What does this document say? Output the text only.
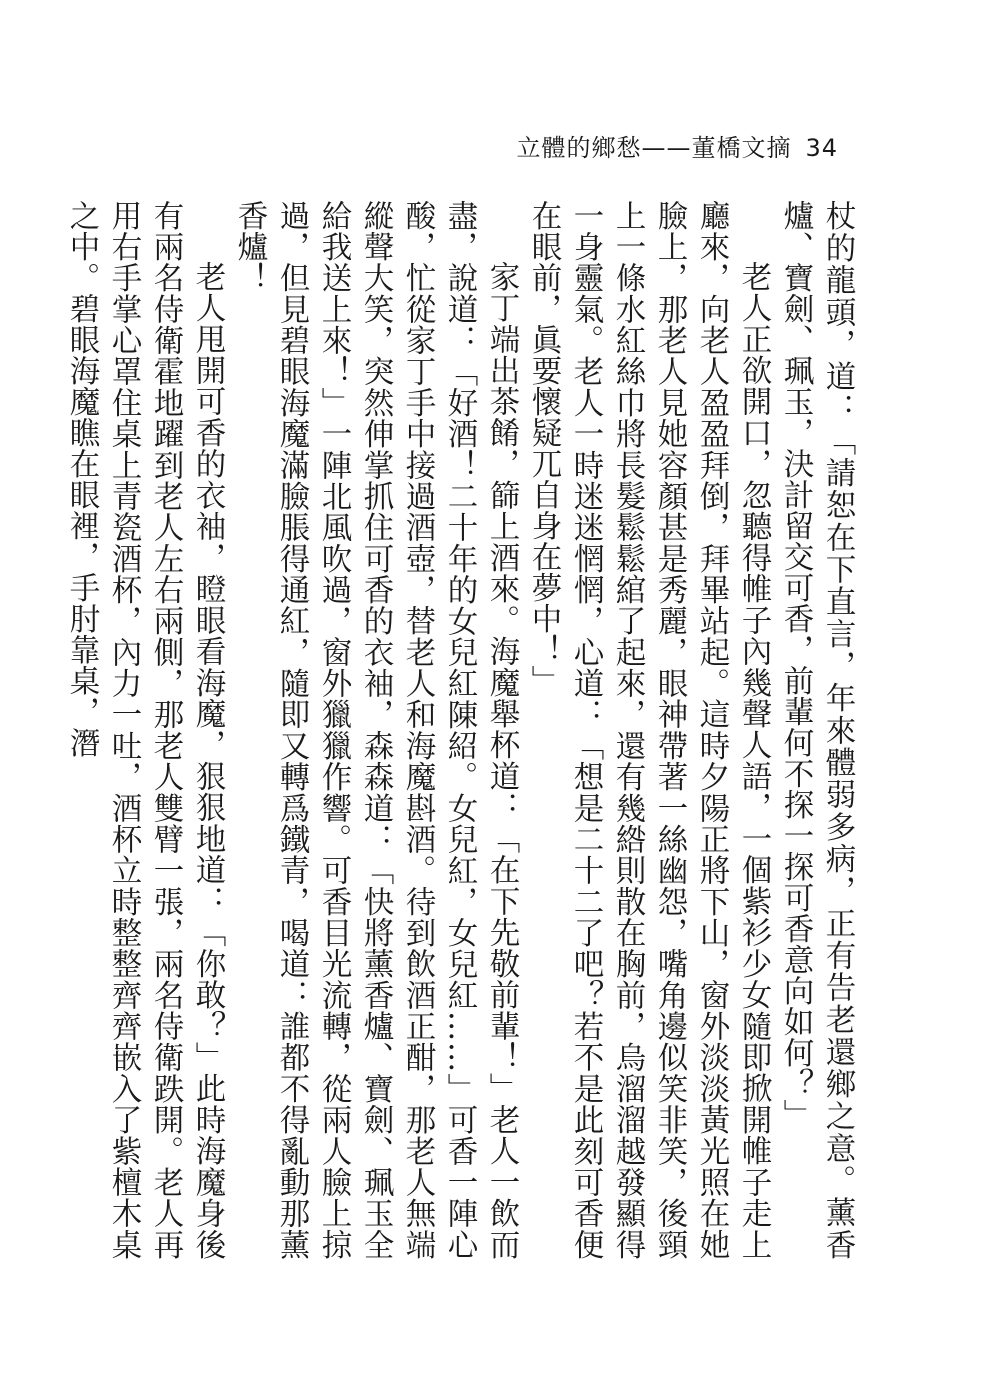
立體的鄉愁——董橋文摘 34

杖的龍頭，道：「請恕在下直言，年來體弱多病，正有告老還鄉之意。薰香爐、寶劍、珮玉，決計留交可香，前輩何不探一探可香意向如何？」

老人正欲開口，忽聽得帷子內幾聲人語，一個紫衫少女隨即掀開帷子走上廳來，向老人盈盈拜倒，拜畢站起。這時夕陽正將下山，窗外淡淡黃光照在她臉上，那老人見她容顏甚是秀麗，眼神帶著一絲幽怨，嘴角邊似笑非笑，後頸上一條水紅絲巾將長髮鬆鬆綰了起來，還有幾綹則散在胸前，烏溜溜越發顯得一身靈氣。老人一時迷迷惘惘，心道：「想是二十二了吧？若不是此刻可香便在眼前，眞要懷疑兀自身在夢中！」

家丁端出茶餚，篩上酒來。海魔舉杯道：「在下先敬前輩！」老人一飲而盡，說道：「好酒！二十年的女兒紅陳紹。女兒紅，女兒紅……」可香一陣心酸，忙從家丁手中接過酒壺，替老人和海魔斟酒。待到飲酒正酣，那老人無端縱聲大笑，突然伸掌抓住可香的衣袖，森森道：「快將薰香爐、寶劍、珮玉全給我送上來！」一陣北風吹過，窗外獵獵作響。可香目光流轉，從兩人臉上掠過，但見碧眼海魔滿臉脹得通紅，隨即又轉爲鐵青，喝道：誰都不得亂動那薰香爐！

老人甩開可香的衣袖，瞪眼看海魔，狠狠地道：「你敢？」此時海魔身後有兩名侍衛霍地躍到老人左右兩側，那老人雙臂一張，兩名侍衛跌開。老人再用右手掌心罩住桌上青瓷酒杯，內力一吐，酒杯立時整整齊齊嵌入了紫檀木桌之中。碧眼海魔瞧在眼裡，手肘靠桌，潛
